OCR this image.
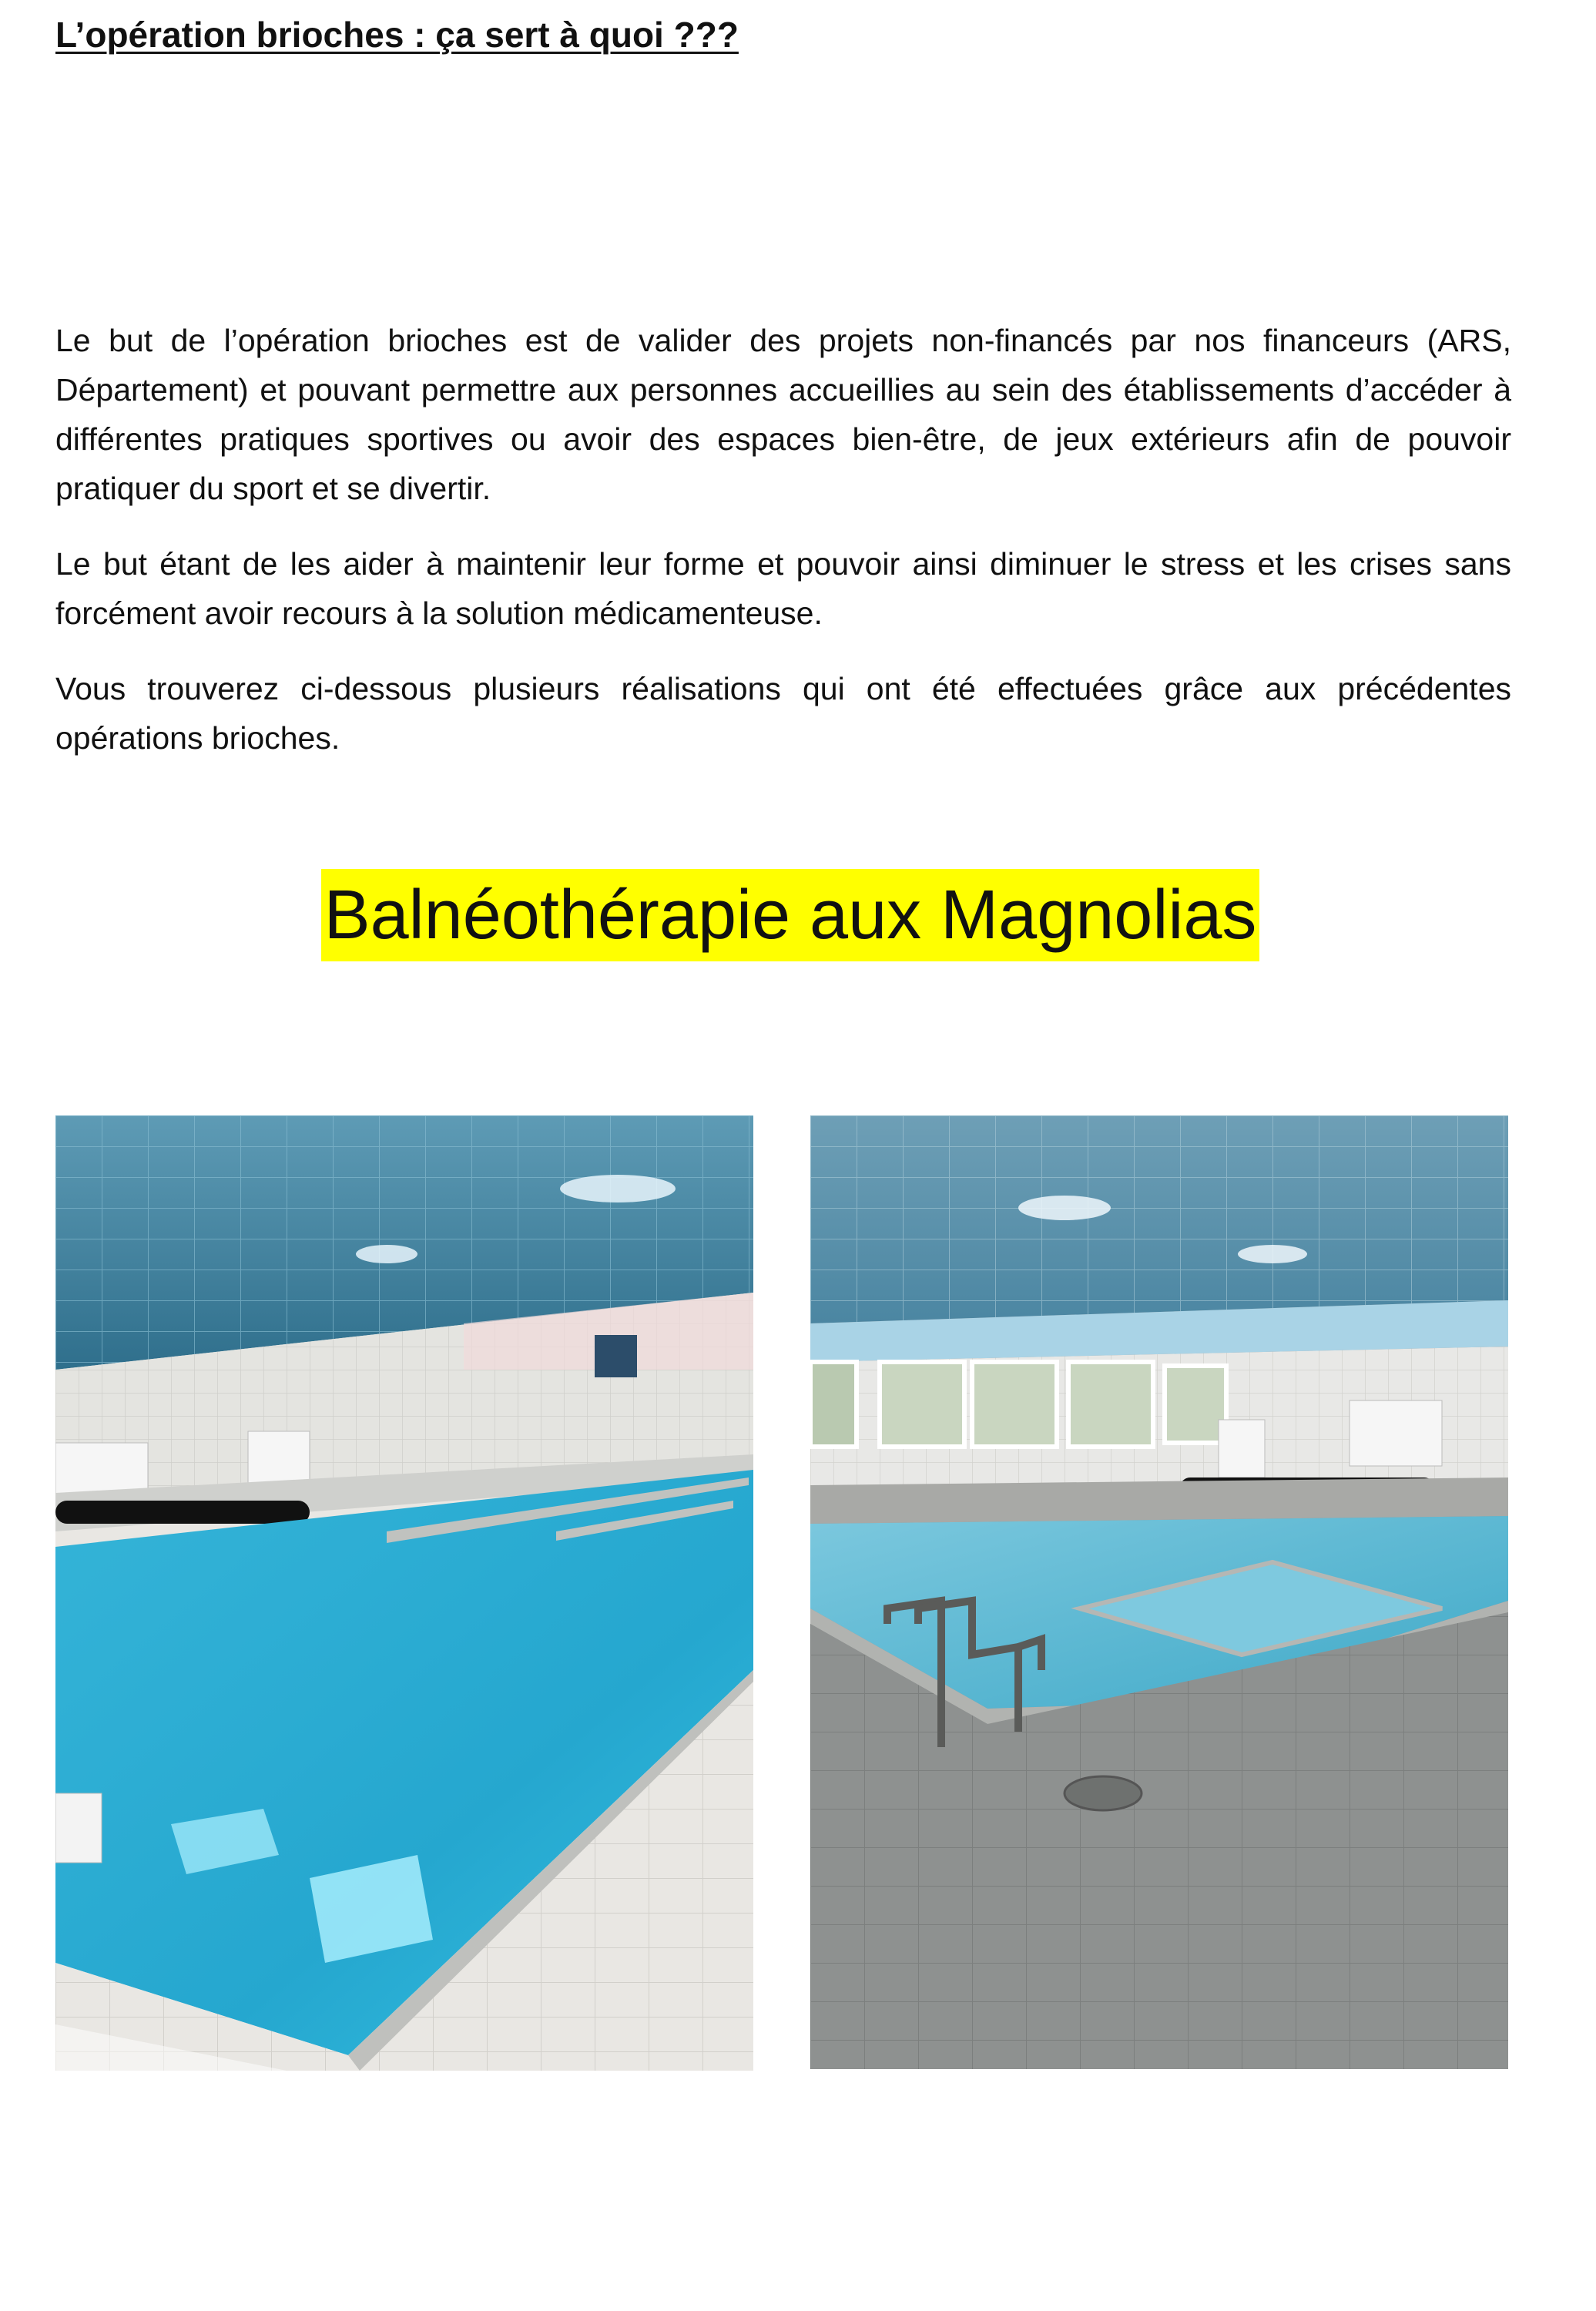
L’opération brioches : ça sert à quoi ???

Le but de l’opération brioches est de valider des projets non-financés par nos financeurs (ARS, Département) et pouvant permettre aux personnes accueillies au sein des établissements d’accéder à différentes pratiques sportives ou avoir des espaces bien-être, de jeux extérieurs afin de pouvoir pratiquer du sport et se divertir.

Le but étant de les aider à maintenir leur forme et pouvoir ainsi diminuer le stress et les crises sans forcément avoir recours à la solution médicamenteuse.

Vous trouverez ci-dessous plusieurs réalisations qui ont été effectuées grâce aux précédentes opérations brioches.

Balnéothérapie aux Magnolias
